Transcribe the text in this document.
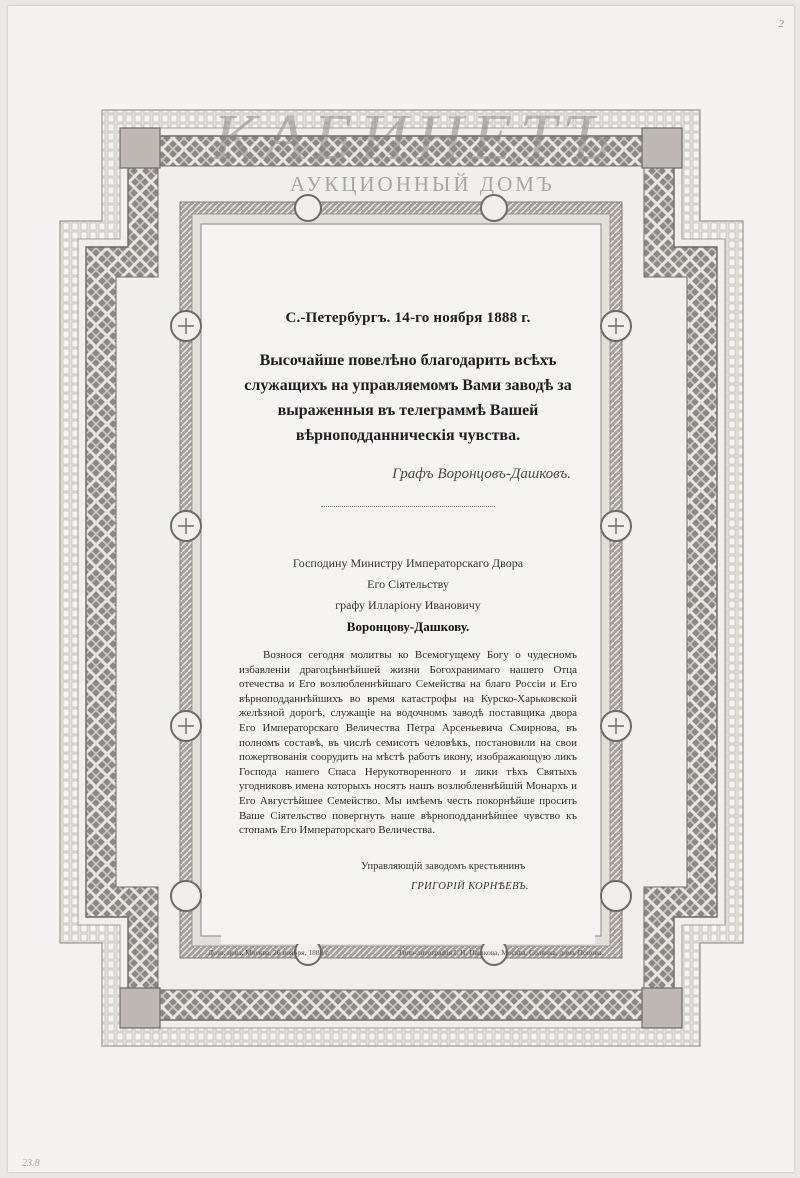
КАБИНЕТЪ
АУКЦИОННЫЙ ДОМЪ
2
23.8
С.-Петербургъ. 14-го ноября 1888 г.
Высочайше повелѣно благодарить всѣхъ служащихъ на управляемомъ Вами заводѣ за выраженныя въ телеграммѣ Вашей вѣрноподданническія чувства.
Графъ Воронцовъ-Дашковъ.
Господину Министру Императорскаго Двора
Его Сіятельству
графу Илларіону Ивановичу
Воронцову-Дашкову.
Вознося сегодня молитвы ко Всемогущему Богу о чудесномъ избавленіи драгоцѣннѣйшей жизни Богохранимаго нашего Отца отечества и Его возлюбленнѣйшаго Семейства на благо Россіи и Его вѣрноподданнѣйшихъ во время катастрофы на Курско-Харьковской желѣзной дорогѣ, служащіе на водочномъ заводѣ поставщика двора Его Императорскаго Величества Петра Арсеньевича Смирнова, въ полномъ составѣ, въ числѣ семисотъ человѣкъ, постановили на свои пожертвованія соорудить на мѣстѣ работъ икону, изображающую ликъ Господа нашего Спаса Нерукотворенного и лики тѣхъ Святыхъ угодниковъ имена которыхъ носятъ нашъ возлюбленнѣйшій Монархъ и Его Августѣйшее Семейство. Мы имѣемъ честь покорнѣйше просить Ваше Сіятельство повергнуть наше вѣрноподданнѣйшее чувство къ стопамъ Его Императорскаго Величества.
Управляющій заводомъ крестьянинъ
ГРИГОРІЙ КОРНѢЕВЪ.
Дозв. ценз. Москва, 26 ноября, 1888 г.	Типо-литографія І. Н. Пашкова, Москва, Солянка, домъ Попова.
